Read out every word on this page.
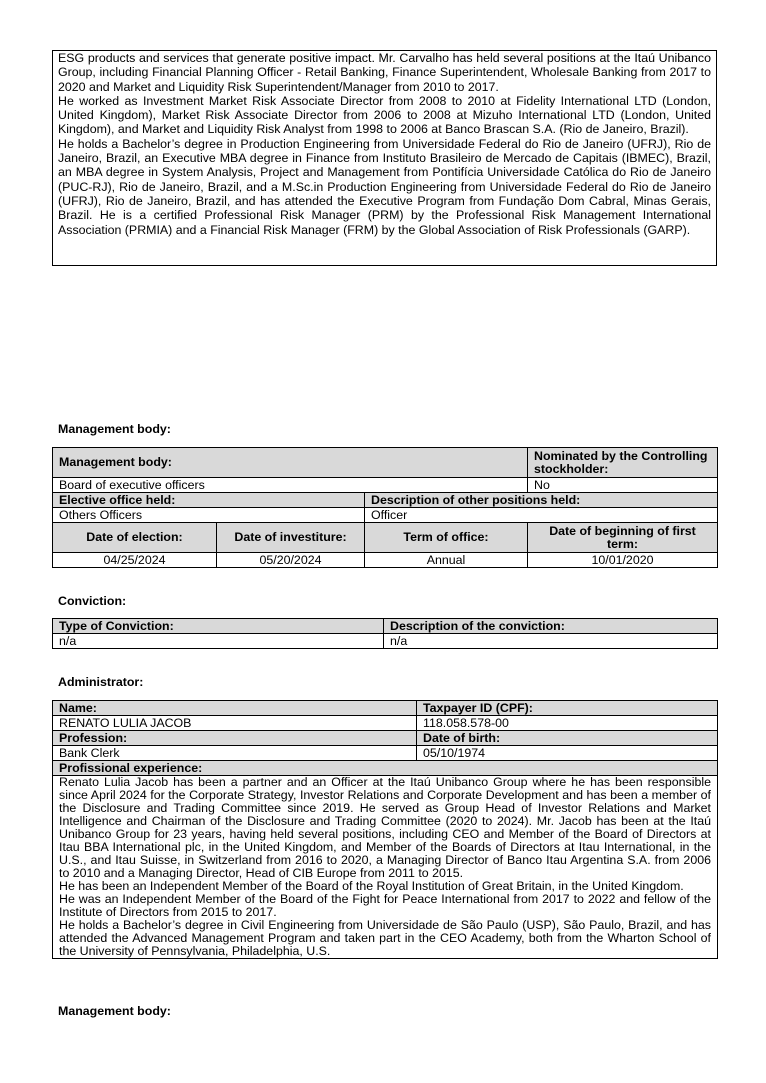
ESG products and services that generate positive impact. Mr. Carvalho has held several positions at the Itaú Unibanco Group, including Financial Planning Officer - Retail Banking, Finance Superintendent, Wholesale Banking from 2017 to 2020 and Market and Liquidity Risk Superintendent/Manager from 2010 to 2017.
He worked as Investment Market Risk Associate Director from 2008 to 2010 at Fidelity International LTD (London, United Kingdom), Market Risk Associate Director from 2006 to 2008 at Mizuho International LTD (London, United Kingdom), and Market and Liquidity Risk Analyst from 1998 to 2006 at Banco Brascan S.A. (Rio de Janeiro, Brazil).
He holds a Bachelor’s degree in Production Engineering from Universidade Federal do Rio de Janeiro (UFRJ), Rio de Janeiro, Brazil, an Executive MBA degree in Finance from Instituto Brasileiro de Mercado de Capitais (IBMEC), Brazil, an MBA degree in System Analysis, Project and Management from Pontifícia Universidade Católica do Rio de Janeiro (PUC-RJ), Rio de Janeiro, Brazil, and a M.Sc.in Production Engineering from Universidade Federal do Rio de Janeiro (UFRJ), Rio de Janeiro, Brazil, and has attended the Executive Program from Fundação Dom Cabral, Minas Gerais, Brazil. He is a certified Professional Risk Manager (PRM) by the Professional Risk Management International Association (PRMIA) and a Financial Risk Manager (FRM) by the Global Association of Risk Professionals (GARP).
Management body:
Management body:			Nominated by the Controlling stockholder:
Board of executive officers			No
Elective office held:		Description of other positions held:	
Others Officers		Officer	
Date of election:	Date of investiture:	Term of office:	Date of beginning of first term:
04/25/2024	05/20/2024	Annual	10/01/2020
Conviction:
Type of Conviction:	Description of the conviction:
n/a	n/a
Administrator:
Name:	Taxpayer ID (CPF):
RENATO LULIA JACOB	118.058.578-00
Profession:	Date of birth:
Bank Clerk	05/10/1974
Profissional experience:	

Renato Lulia Jacob has been a partner and an Officer at the Itaú Unibanco Group where he has been responsible since April 2024 for the Corporate Strategy, Investor Relations and Corporate Development and has been a member of the Disclosure and Trading Committee since 2019. He served as Group Head of Investor Relations and Market Intelligence and Chairman of the Disclosure and Trading Committee (2020 to 2024). Mr. Jacob has been at the Itaú Unibanco Group for 23 years, having held several positions, including CEO and Member of the Board of Directors at Itau BBA International plc, in the United Kingdom, and Member of the Boards of Directors at Itau International, in the U.S., and Itau Suisse, in Switzerland from 2016 to 2020, a Managing Director of Banco Itau Argentina S.A. from 2006 to 2010 and a Managing Director, Head of CIB Europe from 2011 to 2015.
He has been an Independent Member of the Board of the Royal Institution of Great Britain, in the United Kingdom.
He was an Independent Member of the Board of the Fight for Peace International from 2017 to 2022 and fellow of the Institute of Directors from 2015 to 2017.
He holds a Bachelor’s degree in Civil Engineering from Universidade de São Paulo (USP), São Paulo, Brazil, and has attended the Advanced Management Program and taken part in the CEO Academy, both from the Wharton School of the University of Pennsylvania, Philadelphia, U.S.	
Management body:
